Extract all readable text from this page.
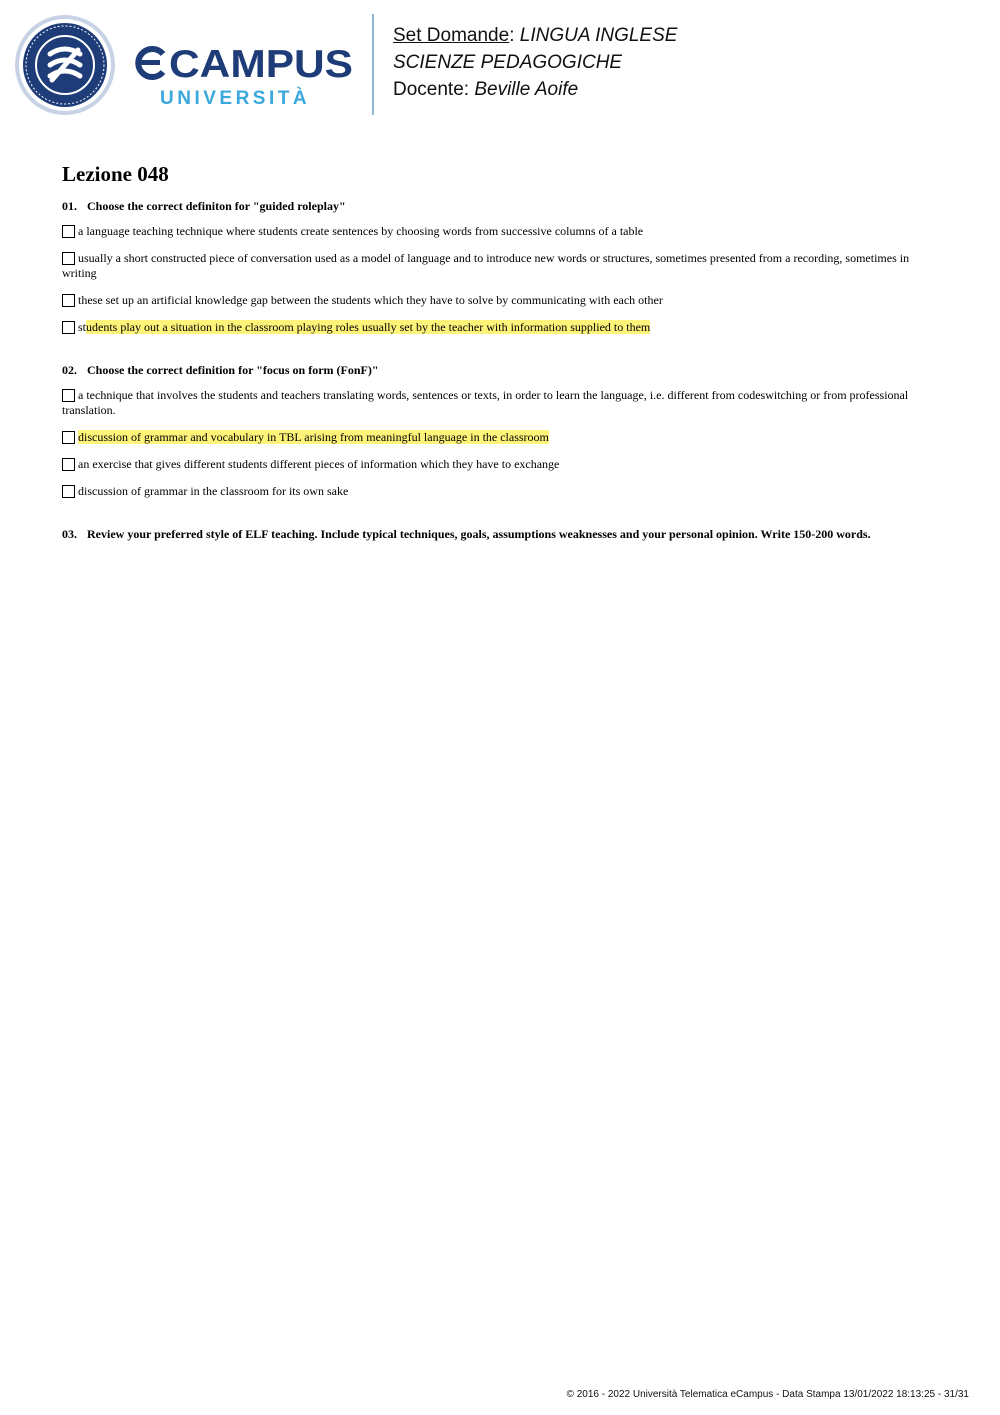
CAMPUS
UNIVERSITÀ
Set Domande: LINGUA INGLESE
SCIENZE PEDAGOGICHE
Docente: Beville Aoife
Lezione 048
01. Choose the correct definiton for "guided roleplay"
a language teaching technique where students create sentences by choosing words from successive columns of a table
usually a short constructed piece of conversation used as a model of language and to introduce new words or structures, sometimes presented from a recording, sometimes in writing
these set up an artificial knowledge gap between the students which they have to solve by communicating with each other
students play out a situation in the classroom playing roles usually set by the teacher with information supplied to them
02. Choose the correct definition for "focus on form (FonF)"
a technique that involves the students and teachers translating words, sentences or texts, in order to learn the language, i.e. different from codeswitching or from professional translation.
discussion of grammar and vocabulary in TBL arising from meaningful language in the classroom
an exercise that gives different students different pieces of information which they have to exchange
discussion of grammar in the classroom for its own sake
03. Review your preferred style of ELF teaching. Include typical techniques, goals, assumptions weaknesses and your personal opinion. Write 150-200 words.
© 2016 - 2022 Università Telematica eCampus - Data Stampa 13/01/2022 18:13:25 - 31/31
